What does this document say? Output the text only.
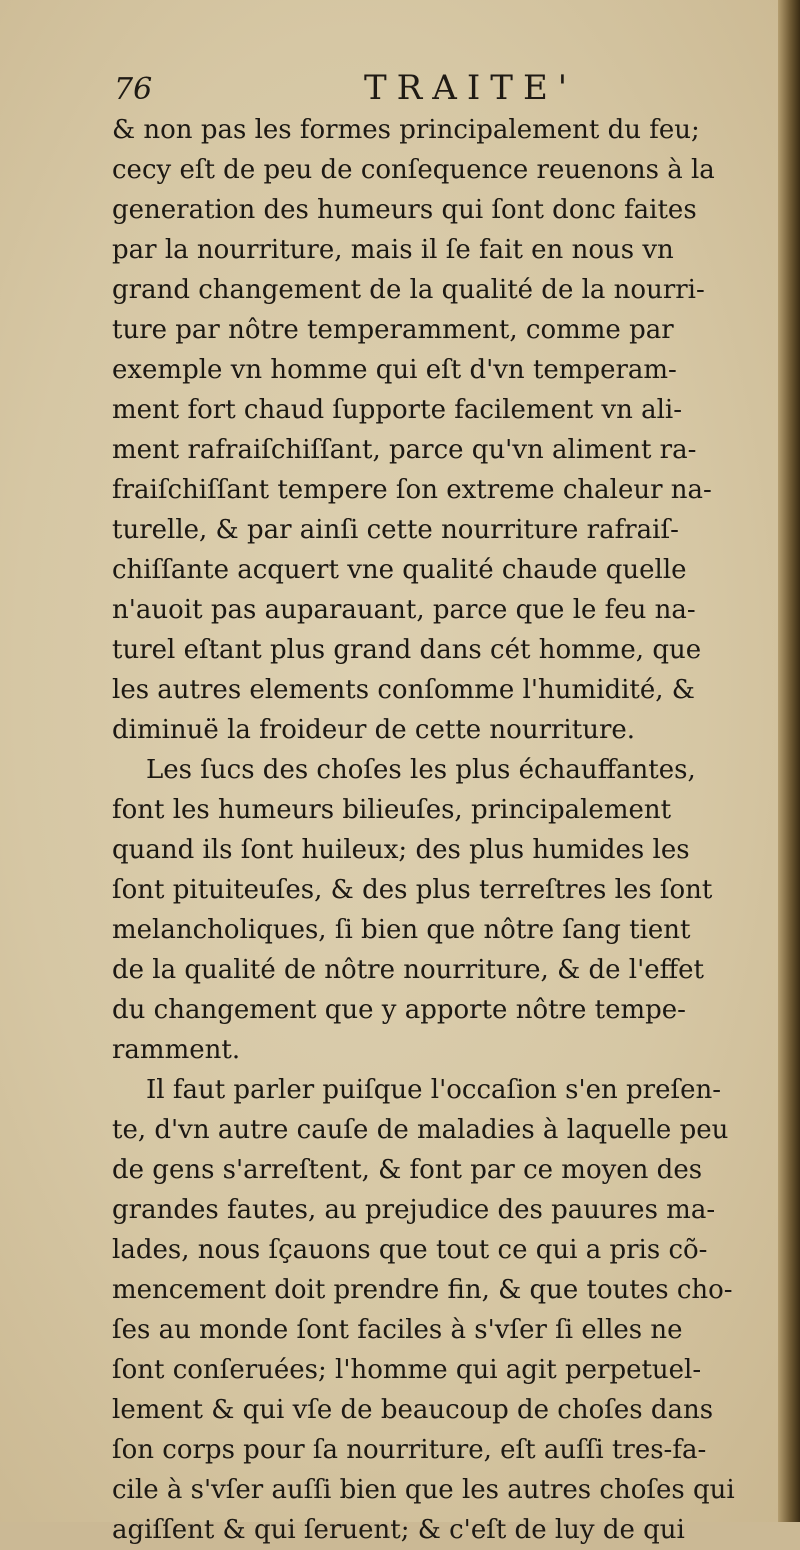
76	TRAITE'
& non pas les formes principalement du feu;
cecy eſt de peu de conſequence reuenons à la
generation des humeurs qui ſont donc faites
par la nourriture, mais il ſe fait en nous vn
grand changement de la qualité de la nourri-
ture par nôtre temperamment, comme par
exemple vn homme qui eſt d'vn temperam-
ment fort chaud ſupporte facilement vn ali-
ment rafraiſchiſſant, parce qu'vn aliment ra-
fraiſchiſſant tempere ſon extreme chaleur na-
turelle, & par ainſi cette nourriture rafraiſ-
chiſſante acquert vne qualité chaude quelle
n'auoit pas auparauant, parce que le feu na-
turel eſtant plus grand dans cét homme, que
les autres elements conſomme l'humidité, &
diminuë la froideur de cette nourriture.
Les ſucs des choſes les plus échauffantes,
font les humeurs bilieuſes, principalement
quand ils ſont huileux; des plus humides les
ſont pituiteuſes, & des plus terreſtres les ſont
melancholiques, ſi bien que nôtre ſang tient
de la qualité de nôtre nourriture, & de l'effet
du changement que y apporte nôtre tempe-
ramment.
Il faut parler puiſque l'occaſion s'en preſen-
te, d'vn autre cauſe de maladies à laquelle peu
de gens s'arreſtent, & font par ce moyen des
grandes fautes, au prejudice des pauures ma-
lades, nous ſçauons que tout ce qui a pris cõ-
mencement doit prendre fin, & que toutes cho-
ſes au monde ſont faciles à s'vſer ſi elles ne
ſont conſeruées; l'homme qui agit perpetuel-
lement & qui vſe de beaucoup de choſes dans
ſon corps pour ſa nourriture, eſt auſſi tres-fa-
cile à s'vſer auſſi bien que les autres choſes qui
agiſſent & qui ſeruent; & c'eſt de luy de qui
